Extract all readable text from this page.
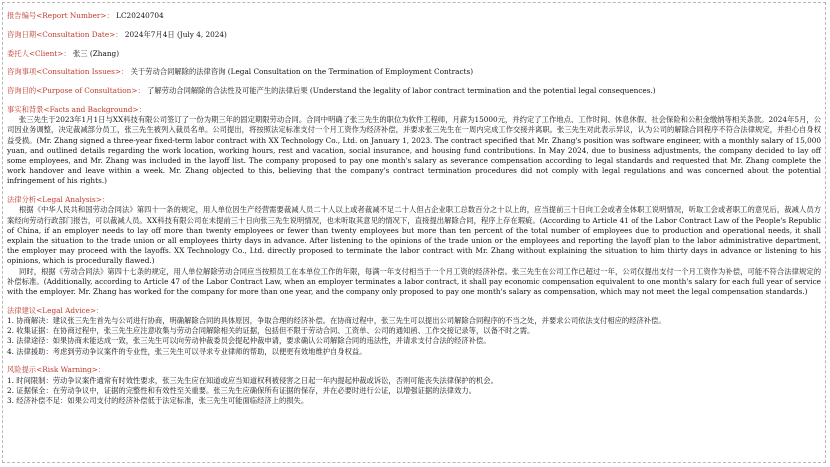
报告编号<Report Number>： LC20240704
咨询日期<Consultation Date>： 2024年7月4日 (July 4, 2024)
委托人<Client>： 张三 (Zhang)
咨询事项<Consultation Issues>： 关于劳动合同解除的法律咨询 (Legal Consultation on the Termination of Employment Contracts)
咨询目的<Purpose of Consultation>： 了解劳动合同解除的合法性及可能产生的法律后果 (Understand the legality of labor contract termination and the potential legal consequences.)
事实和背景<Facts and Background>：
张三先生于2023年1月1日与XX科技有限公司签订了一份为期三年的固定期限劳动合同。合同中明确了张三先生的职位为软件工程师，月薪为15000元，并约定了工作地点、工作时间、休息休假、社会保险和公积金缴纳等相关条款。2024年5月，公司因业务调整，决定裁减部分员工，张三先生被列入裁员名单。公司提出，将按照法定标准支付一个月工资作为经济补偿，并要求张三先生在一周内完成工作交接并离职。张三先生对此表示异议，认为公司的解除合同程序不符合法律规定，并担心自身权益受损。(Mr. Zhang signed a three-year fixed-term labor contract with XX Technology Co., Ltd. on January 1, 2023. The contract specified that Mr. Zhang's position was software engineer, with a monthly salary of 15,000 yuan, and outlined details regarding the work location, working hours, rest and vacation, social insurance, and housing fund contributions. In May 2024, due to business adjustments, the company decided to lay off some employees, and Mr. Zhang was included in the layoff list. The company proposed to pay one month's salary as severance compensation according to legal standards and requested that Mr. Zhang complete the work handover and leave within a week. Mr. Zhang objected to this, believing that the company's contract termination procedures did not comply with legal regulations and was concerned about the potential infringement of his rights.)
法律分析<Legal Analysis>：
根据《中华人民共和国劳动合同法》第四十一条的规定，用人单位因生产经营需要裁减人员二十人以上或者裁减不足二十人但占企业职工总数百分之十以上的，应当提前三十日向工会或者全体职工说明情况，听取工会或者职工的意见后，裁减人员方案经向劳动行政部门报告，可以裁减人员。XX科技有限公司在未提前三十日向张三先生说明情况，也未听取其意见的情况下，直接提出解除合同，程序上存在瑕疵。(According to Article 41 of the Labor Contract Law of the People's Republic of China, if an employer needs to lay off more than twenty employees or fewer than twenty employees but more than ten percent of the total number of employees due to production and operational needs, it shall explain the situation to the trade union or all employees thirty days in advance. After listening to the opinions of the trade union or the employees and reporting the layoff plan to the labor administrative department, the employer may proceed with the layoffs. XX Technology Co., Ltd. directly proposed to terminate the labor contract with Mr. Zhang without explaining the situation to him thirty days in advance or listening to his opinions, which is procedurally flawed.)
同时，根据《劳动合同法》第四十七条的规定，用人单位解除劳动合同应当按照员工在本单位工作的年限，每满一年支付相当于一个月工资的经济补偿。张三先生在公司工作已超过一年，公司仅提出支付一个月工资作为补偿，可能不符合法律规定的补偿标准。(Additionally, according to Article 47 of the Labor Contract Law, when an employer terminates a labor contract, it shall pay economic compensation equivalent to one month's salary for each full year of service with the employer. Mr. Zhang has worked for the company for more than one year, and the company only proposed to pay one month's salary as compensation, which may not meet the legal compensation standards.)
法律建议<Legal Advice>：
1. 协商解决：建议张三先生首先与公司进行协商，明确解除合同的具体原因，争取合理的经济补偿。在协商过程中，张三先生可以提出公司解除合同程序的不当之处，并要求公司依法支付相应的经济补偿。
2. 收集证据：在协商过程中，张三先生应注意收集与劳动合同解除相关的证据，包括但不限于劳动合同、工资单、公司的通知函、工作交接记录等，以备不时之需。
3. 法律途径：如果协商未能达成一致，张三先生可以向劳动仲裁委员会提起仲裁申请，要求确认公司解除合同的违法性，并请求支付合法的经济补偿。
4. 法律援助：考虑到劳动争议案件的专业性，张三先生可以寻求专业律师的帮助，以便更有效地维护自身权益。
风险提示<Risk Warning>：
1. 时间限制：劳动争议案件通常有时效性要求，张三先生应在知道或应当知道权利被侵害之日起一年内提起仲裁或诉讼，否则可能丧失法律保护的机会。
2. 证据保全：在劳动争议中，证据的完整性和有效性至关重要。张三先生应确保所有证据的保存，并在必要时进行公证，以增强证据的法律效力。
3. 经济补偿不足：如果公司支付的经济补偿低于法定标准，张三先生可能面临经济上的损失。
